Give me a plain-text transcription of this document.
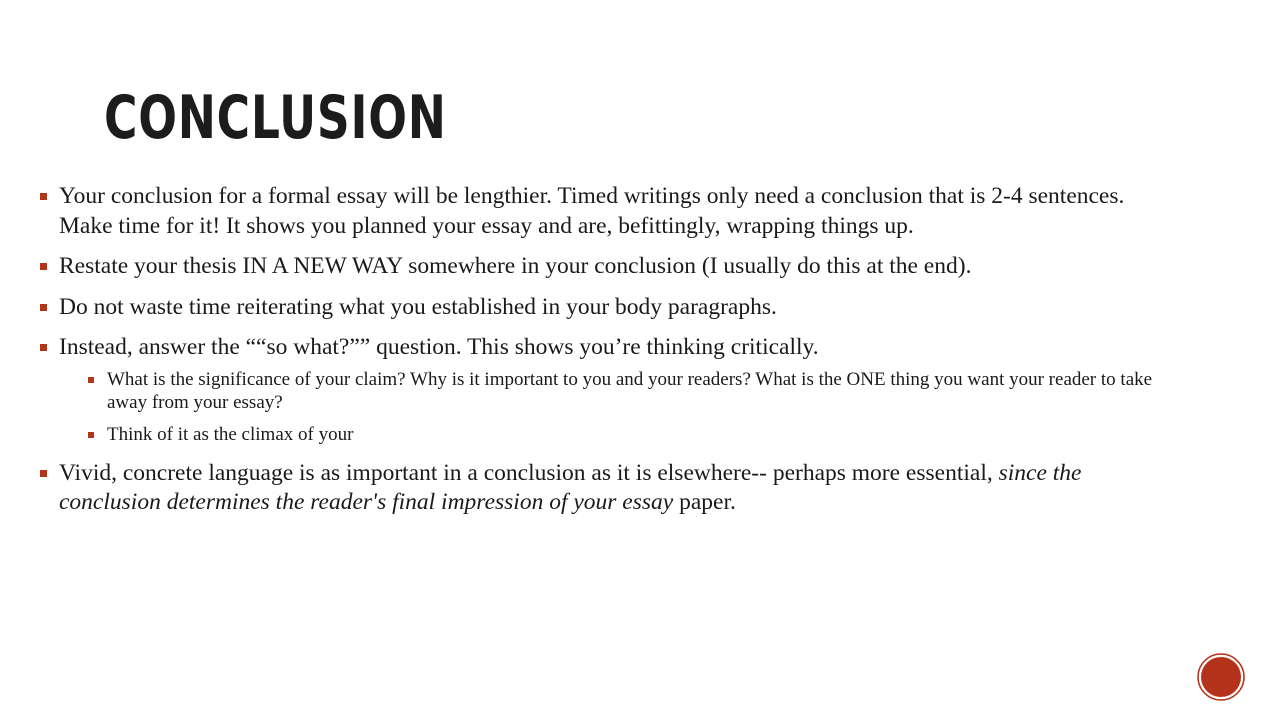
CONCLUSION
Your conclusion for a formal essay will be lengthier. Timed writings only need a conclusion that is 2-4 sentences. Make time for it! It shows you planned your essay and are, befittingly, wrapping things up.
Restate your thesis IN A NEW WAY somewhere in your conclusion (I usually do this at the end).
Do not waste time reiterating what you established in your body paragraphs.
Instead, answer the ““so what?”” question. This shows you’re thinking critically.
What is the significance of your claim? Why is it important to you and your readers? What is the ONE thing you want your reader to take away from your essay?
Think of it as the climax of your
Vivid, concrete language is as important in a conclusion as it is elsewhere-- perhaps more essential, since the conclusion determines the reader's final impression of your essay paper.
